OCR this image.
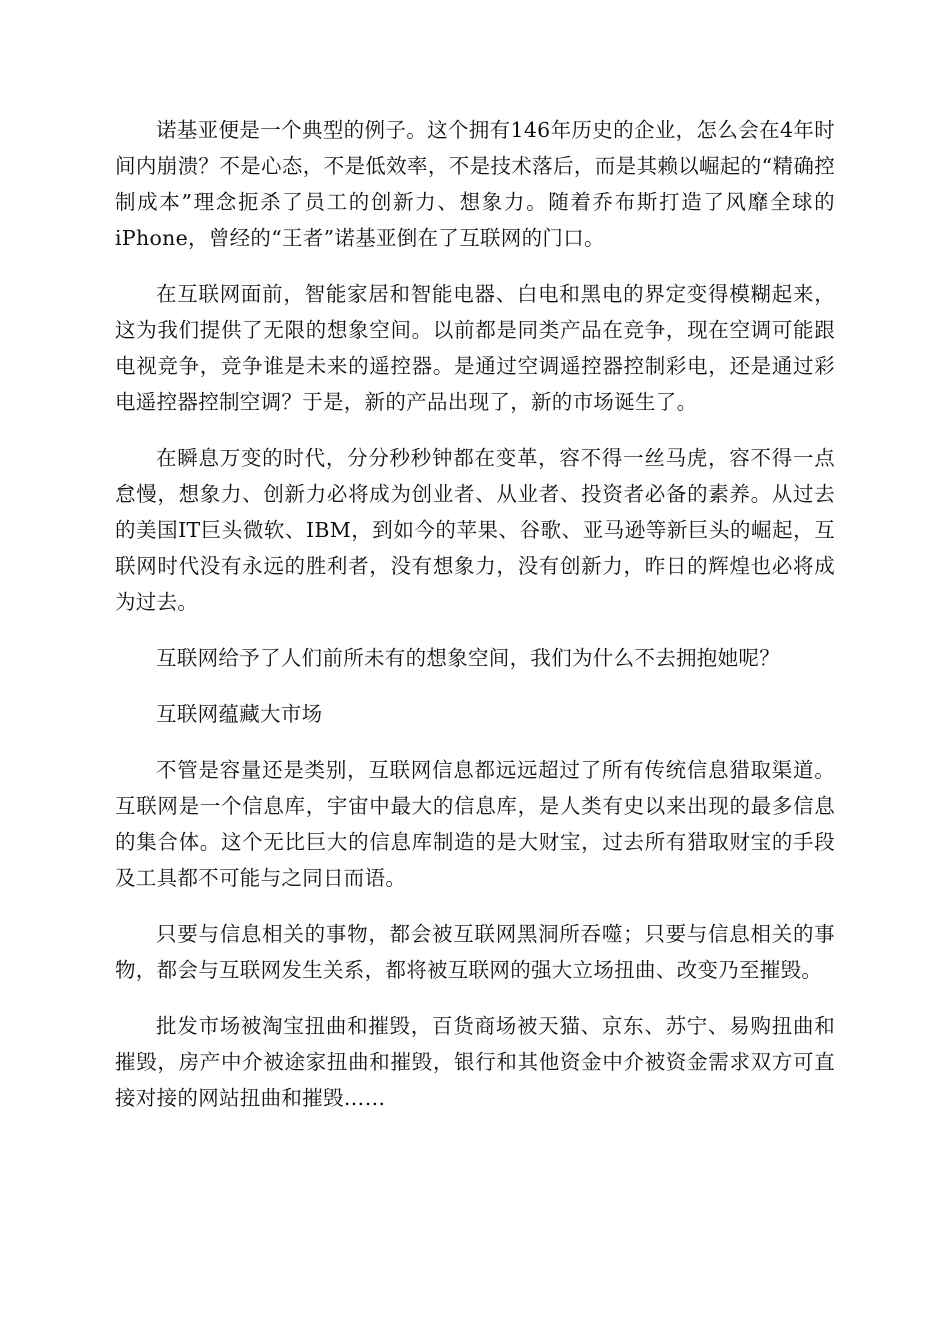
诺基亚便是一个典型的例子。这个拥有146年历史的企业，怎么会在4年时间内崩溃？不是心态，不是低效率，不是技术落后，而是其赖以崛起的“精确控制成本”理念扼杀了员工的创新力、想象力。随着乔布斯打造了风靡全球的iPhone，曾经的“王者”诺基亚倒在了互联网的门口。

在互联网面前，智能家居和智能电器、白电和黑电的界定变得模糊起来，这为我们提供了无限的想象空间。以前都是同类产品在竞争，现在空调可能跟电视竞争，竞争谁是未来的遥控器。是通过空调遥控器控制彩电，还是通过彩电遥控器控制空调？于是，新的产品出现了，新的市场诞生了。

在瞬息万变的时代，分分秒秒钟都在变革，容不得一丝马虎，容不得一点怠慢，想象力、创新力必将成为创业者、从业者、投资者必备的素养。从过去的美国IT巨头微软、IBM，到如今的苹果、谷歌、亚马逊等新巨头的崛起，互联网时代没有永远的胜利者，没有想象力，没有创新力，昨日的辉煌也必将成为过去。

互联网给予了人们前所未有的想象空间，我们为什么不去拥抱她呢？

互联网蕴藏大市场

不管是容量还是类别，互联网信息都远远超过了所有传统信息猎取渠道。互联网是一个信息库，宇宙中最大的信息库，是人类有史以来出现的最多信息的集合体。这个无比巨大的信息库制造的是大财宝，过去所有猎取财宝的手段及工具都不可能与之同日而语。

只要与信息相关的事物，都会被互联网黑洞所吞噬；只要与信息相关的事物，都会与互联网发生关系，都将被互联网的强大立场扭曲、改变乃至摧毁。

批发市场被淘宝扭曲和摧毁，百货商场被天猫、京东、苏宁、易购扭曲和摧毁，房产中介被途家扭曲和摧毁，银行和其他资金中介被资金需求双方可直接对接的网站扭曲和摧毁……
